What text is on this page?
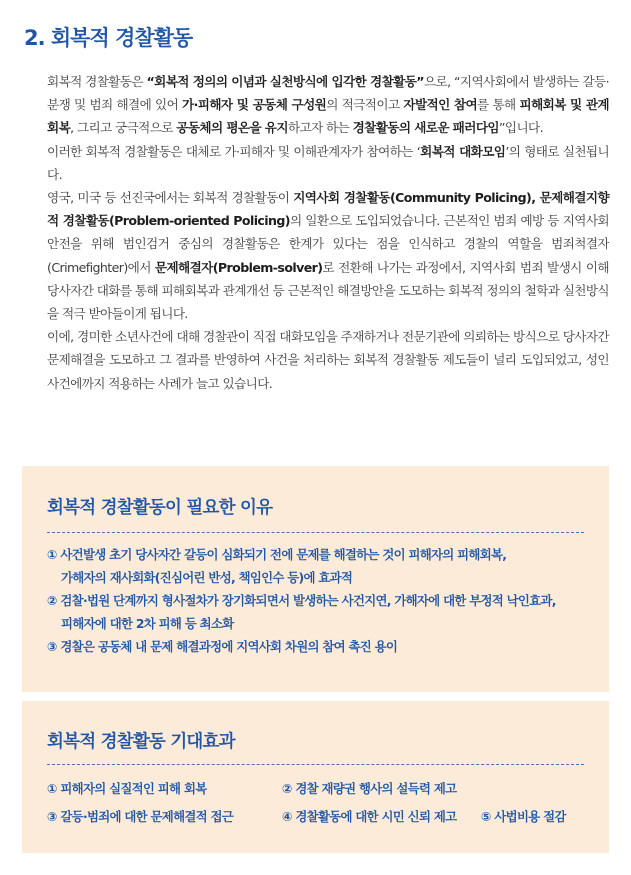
2. 회복적 경찰활동

회복적 경찰활동은 “회복적 정의의 이념과 실천방식에 입각한 경찰활동”으로, “지역사회에서 발생하는 갈등·분쟁 및 범죄 해결에 있어 가·피해자 및 공동체 구성원의 적극적이고 자발적인 참여를 통해 피해회복 및 관계회복, 그리고 궁극적으로 공동체의 평온을 유지하고자 하는 경찰활동의 새로운 패러다임”입니다.

이러한 회복적 경찰활동은 대체로 가·피해자 및 이해관계자가 참여하는 ‘회복적 대화모임’의 형태로 실천됩니다.

영국, 미국 등 선진국에서는 회복적 경찰활동이 지역사회 경찰활동(Community Policing), 문제해결지향적 경찰활동(Problem-oriented Policing)의 일환으로 도입되었습니다. 근본적인 범죄 예방 등 지역사회 안전을 위해 범인검거 중심의 경찰활동은 한계가 있다는 점을 인식하고 경찰의 역할을 범죄척결자(Crimefighter)에서 문제해결자(Problem-solver)로 전환해 나가는 과정에서, 지역사회 범죄 발생시 이해당사자간 대화를 통해 피해회복과 관계개선 등 근본적인 해결방안을 도모하는 회복적 정의의 철학과 실천방식을 적극 받아들이게 됩니다.

이에, 경미한 소년사건에 대해 경찰관이 직접 대화모임을 주재하거나 전문기관에 의뢰하는 방식으로 당사자간 문제해결을 도모하고 그 결과를 반영하여 사건을 처리하는 회복적 경찰활동 제도들이 널리 도입되었고, 성인 사건에까지 적용하는 사례가 늘고 있습니다.

회복적 경찰활동이 필요한 이유
① 사건발생 초기 당사자간 갈등이 심화되기 전에 문제를 해결하는 것이 피해자의 피해회복,
가해자의 재사회화(진심어린 반성, 책임인수 등)에 효과적
② 검찰·법원 단계까지 형사절차가 장기화되면서 발생하는 사건지연, 가해자에 대한 부정적 낙인효과,
피해자에 대한 2차 피해 등 최소화
③ 경찰은 공동체 내 문제 해결과정에 지역사회 차원의 참여 촉진 용이
회복적 경찰활동 기대효과
① 피해자의 실질적인 피해 회복	② 경찰 재량권 행사의 설득력 제고
③ 갈등·범죄에 대한 문제해결적 접근	④ 경찰활동에 대한 시민 신뢰 제고 ⑤ 사법비용 절감
